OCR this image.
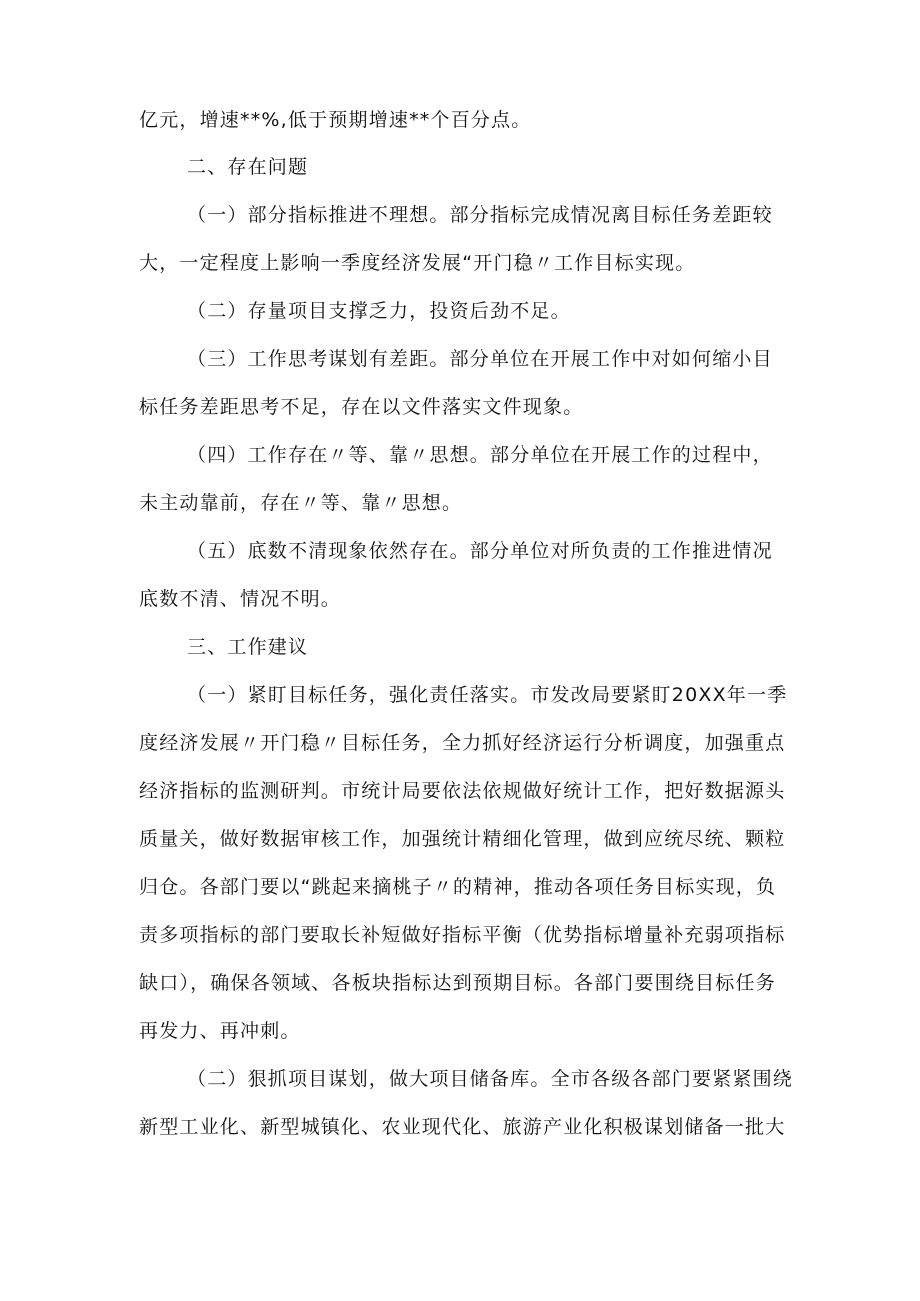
亿元，增速**%,低于预期增速**个百分点。
二、存在问题
（一）部分指标推进不理想。部分指标完成情况离目标任务差距较
大，一定程度上影响一季度经济发展“开门稳〃工作目标实现。
（二）存量项目支撑乏力，投资后劲不足。
（三）工作思考谋划有差距。部分单位在开展工作中对如何缩小目
标任务差距思考不足，存在以文件落实文件现象。
（四）工作存在〃等、靠〃思想。部分单位在开展工作的过程中，
未主动靠前，存在〃等、靠〃思想。
（五）底数不清现象依然存在。部分单位对所负责的工作推进情况
底数不清、情况不明。
三、工作建议
（一）紧盯目标任务，强化责任落实。市发改局要紧盯20XX年一季
度经济发展〃开门稳〃目标任务，全力抓好经济运行分析调度，加强重点
经济指标的监测研判。市统计局要依法依规做好统计工作，把好数据源头
质量关，做好数据审核工作，加强统计精细化管理，做到应统尽统、颗粒
归仓。各部门要以“跳起来摘桃子〃的精神，推动各项任务目标实现，负
责多项指标的部门要取长补短做好指标平衡（优势指标增量补充弱项指标
缺口），确保各领域、各板块指标达到预期目标。各部门要围绕目标任务
再发力、再冲刺。
（二）狠抓项目谋划，做大项目储备库。全市各级各部门要紧紧围绕
新型工业化、新型城镇化、农业现代化、旅游产业化积极谋划储备一批大
